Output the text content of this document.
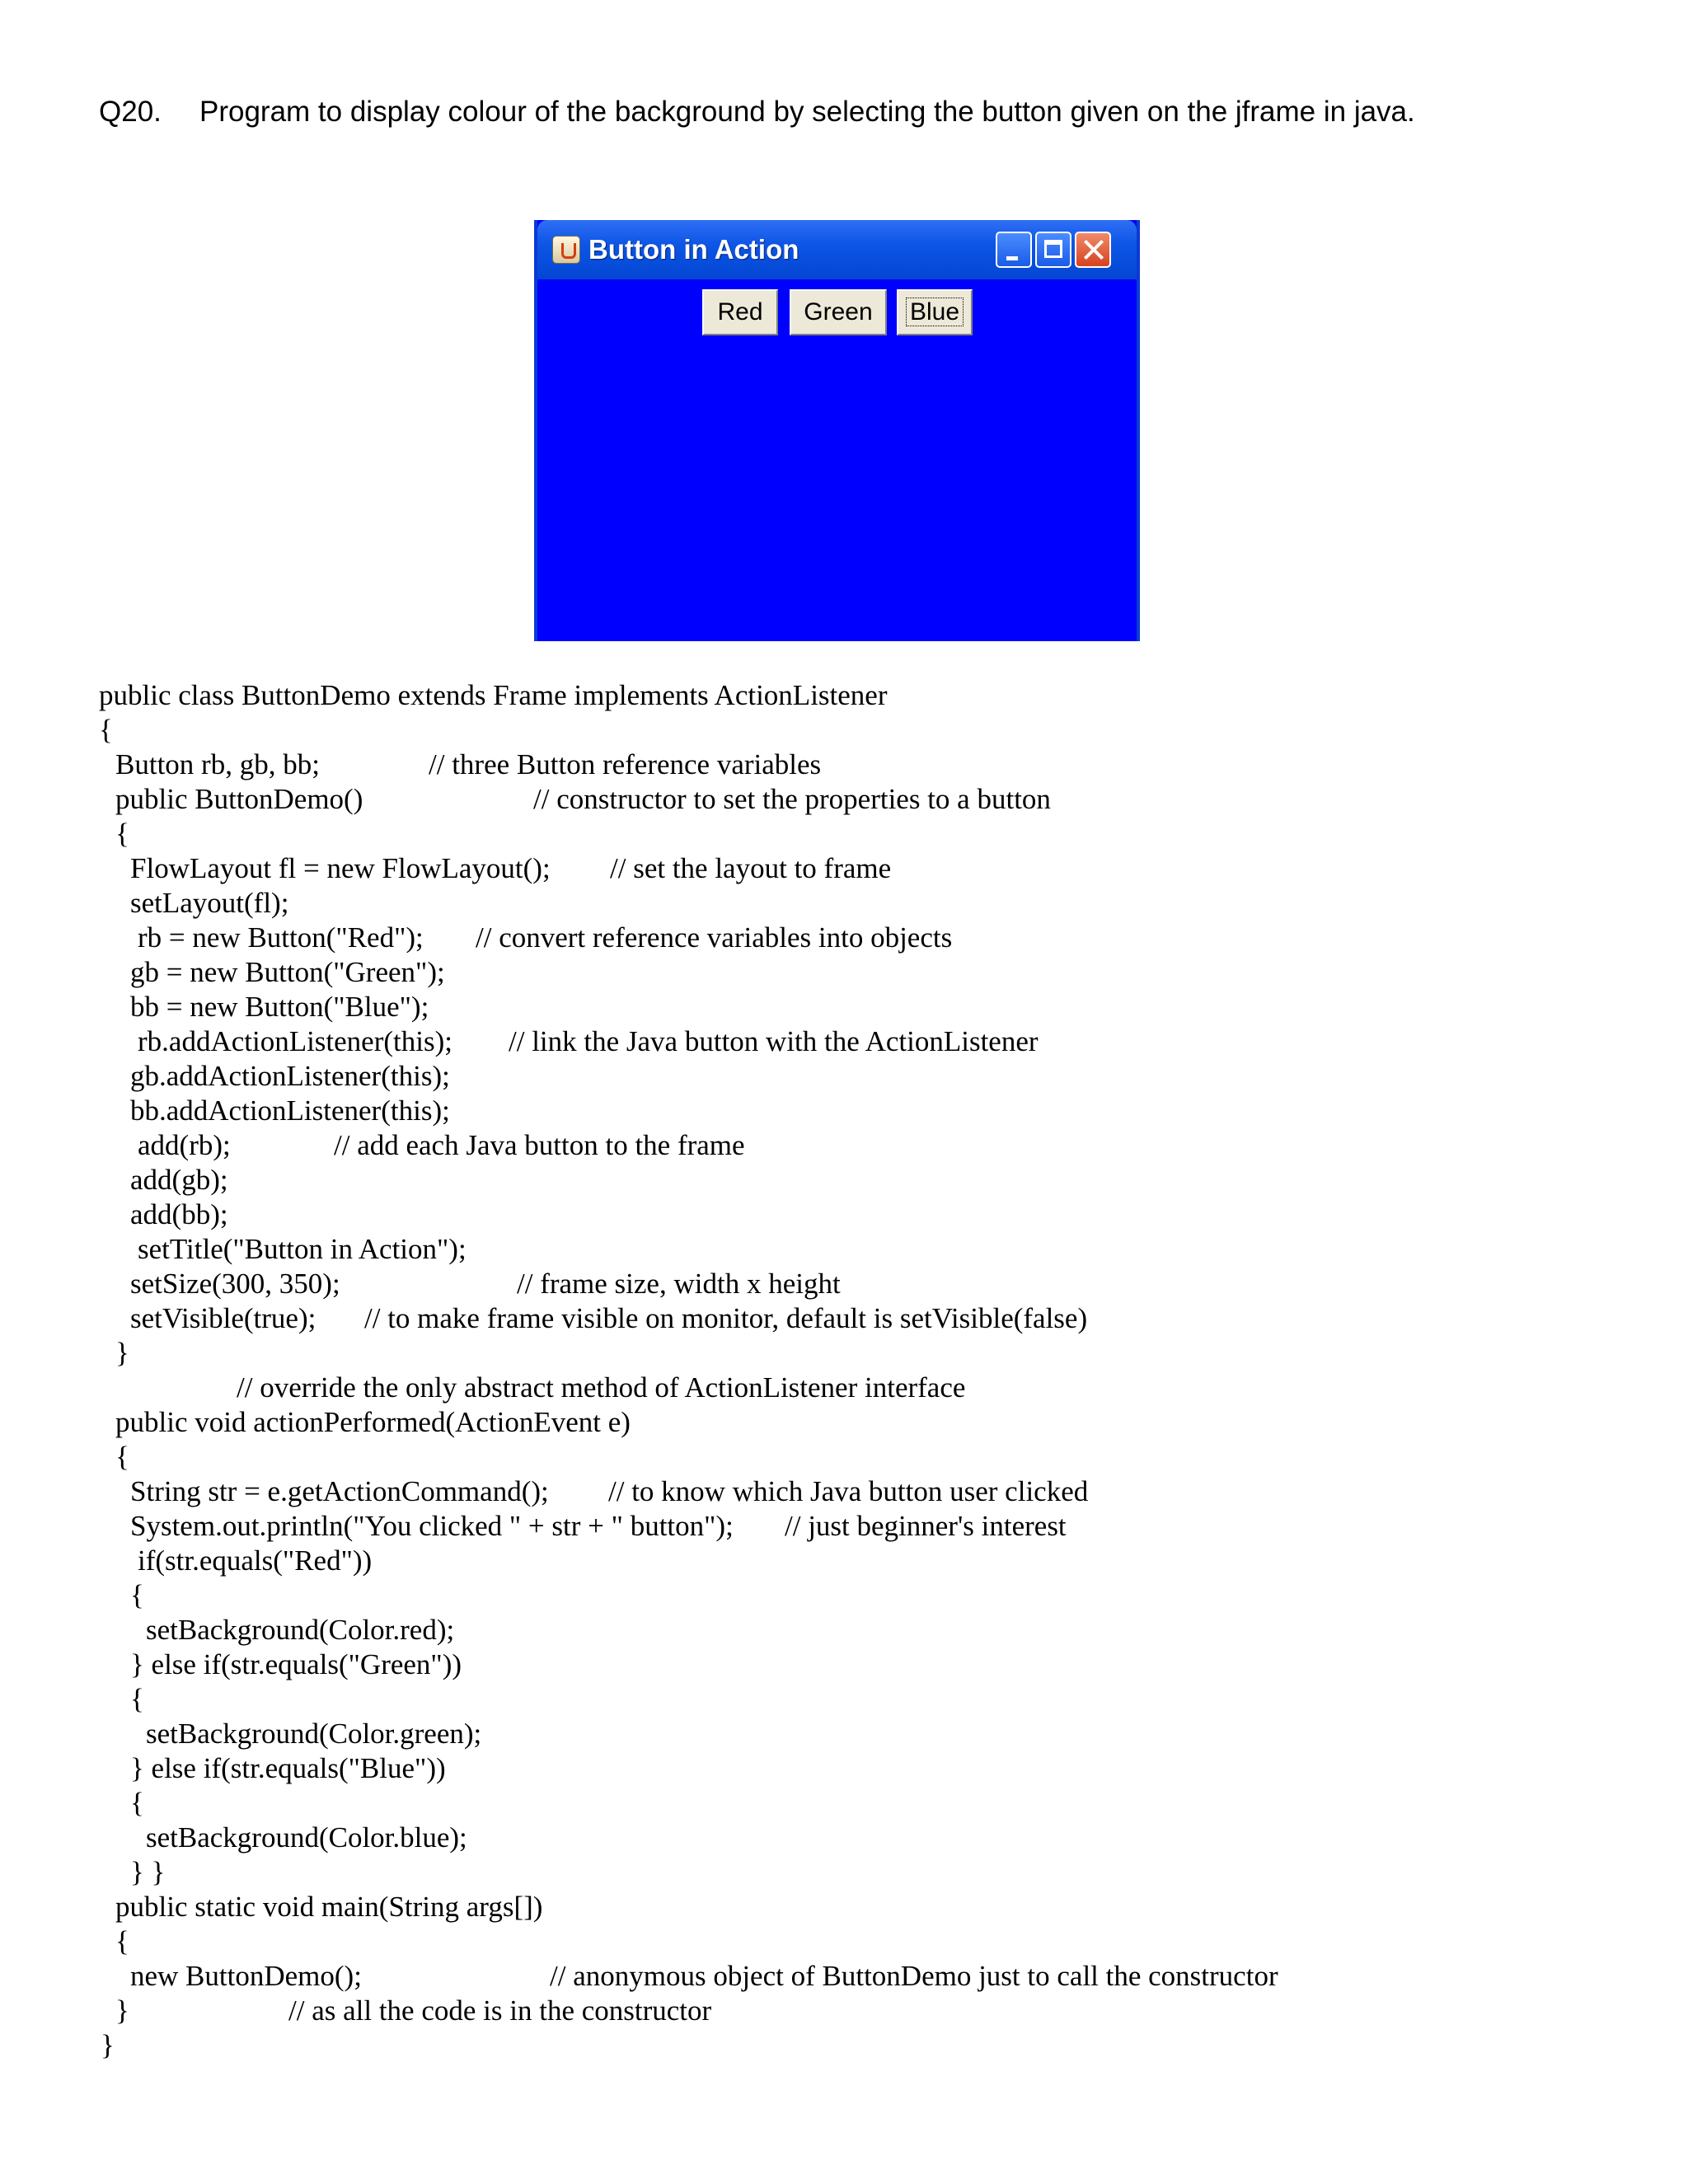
Q20. Program to display colour of the background by selecting the button given on the jframe in java.
Button in Action
Red	Green	Blue
public class ButtonDemo extends Frame implements ActionListener
{
Button rb, gb, bb;	// three Button reference variables
public ButtonDemo()	// constructor to set the properties to a button
{
FlowLayout fl = new FlowLayout(); // set the layout to frame
setLayout(fl);
rb = new Button("Red"); // convert reference variables into objects
gb = new Button("Green");
bb = new Button("Blue");
rb.addActionListener(this); // link the Java button with the ActionListener
gb.addActionListener(this);
bb.addActionListener(this);
add(rb);	// add each Java button to the frame
add(gb);
add(bb);
setTitle("Button in Action");
setSize(300, 350);	// frame size, width x height
setVisible(true); // to make frame visible on monitor, default is setVisible(false)
}
// override the only abstract method of ActionListener interface
public void actionPerformed(ActionEvent e)
{
String str = e.getActionCommand(); // to know which Java button user clicked
System.out.println("You clicked " + str + " button"); // just beginner's interest
if(str.equals("Red"))
{
setBackground(Color.red);
} else if(str.equals("Green"))
{
setBackground(Color.green);
} else if(str.equals("Blue"))
{
setBackground(Color.blue);
} }
public static void main(String args[])
{
new ButtonDemo();	// anonymous object of ButtonDemo just to call the constructor
}	// as all the code is in the constructor
}
